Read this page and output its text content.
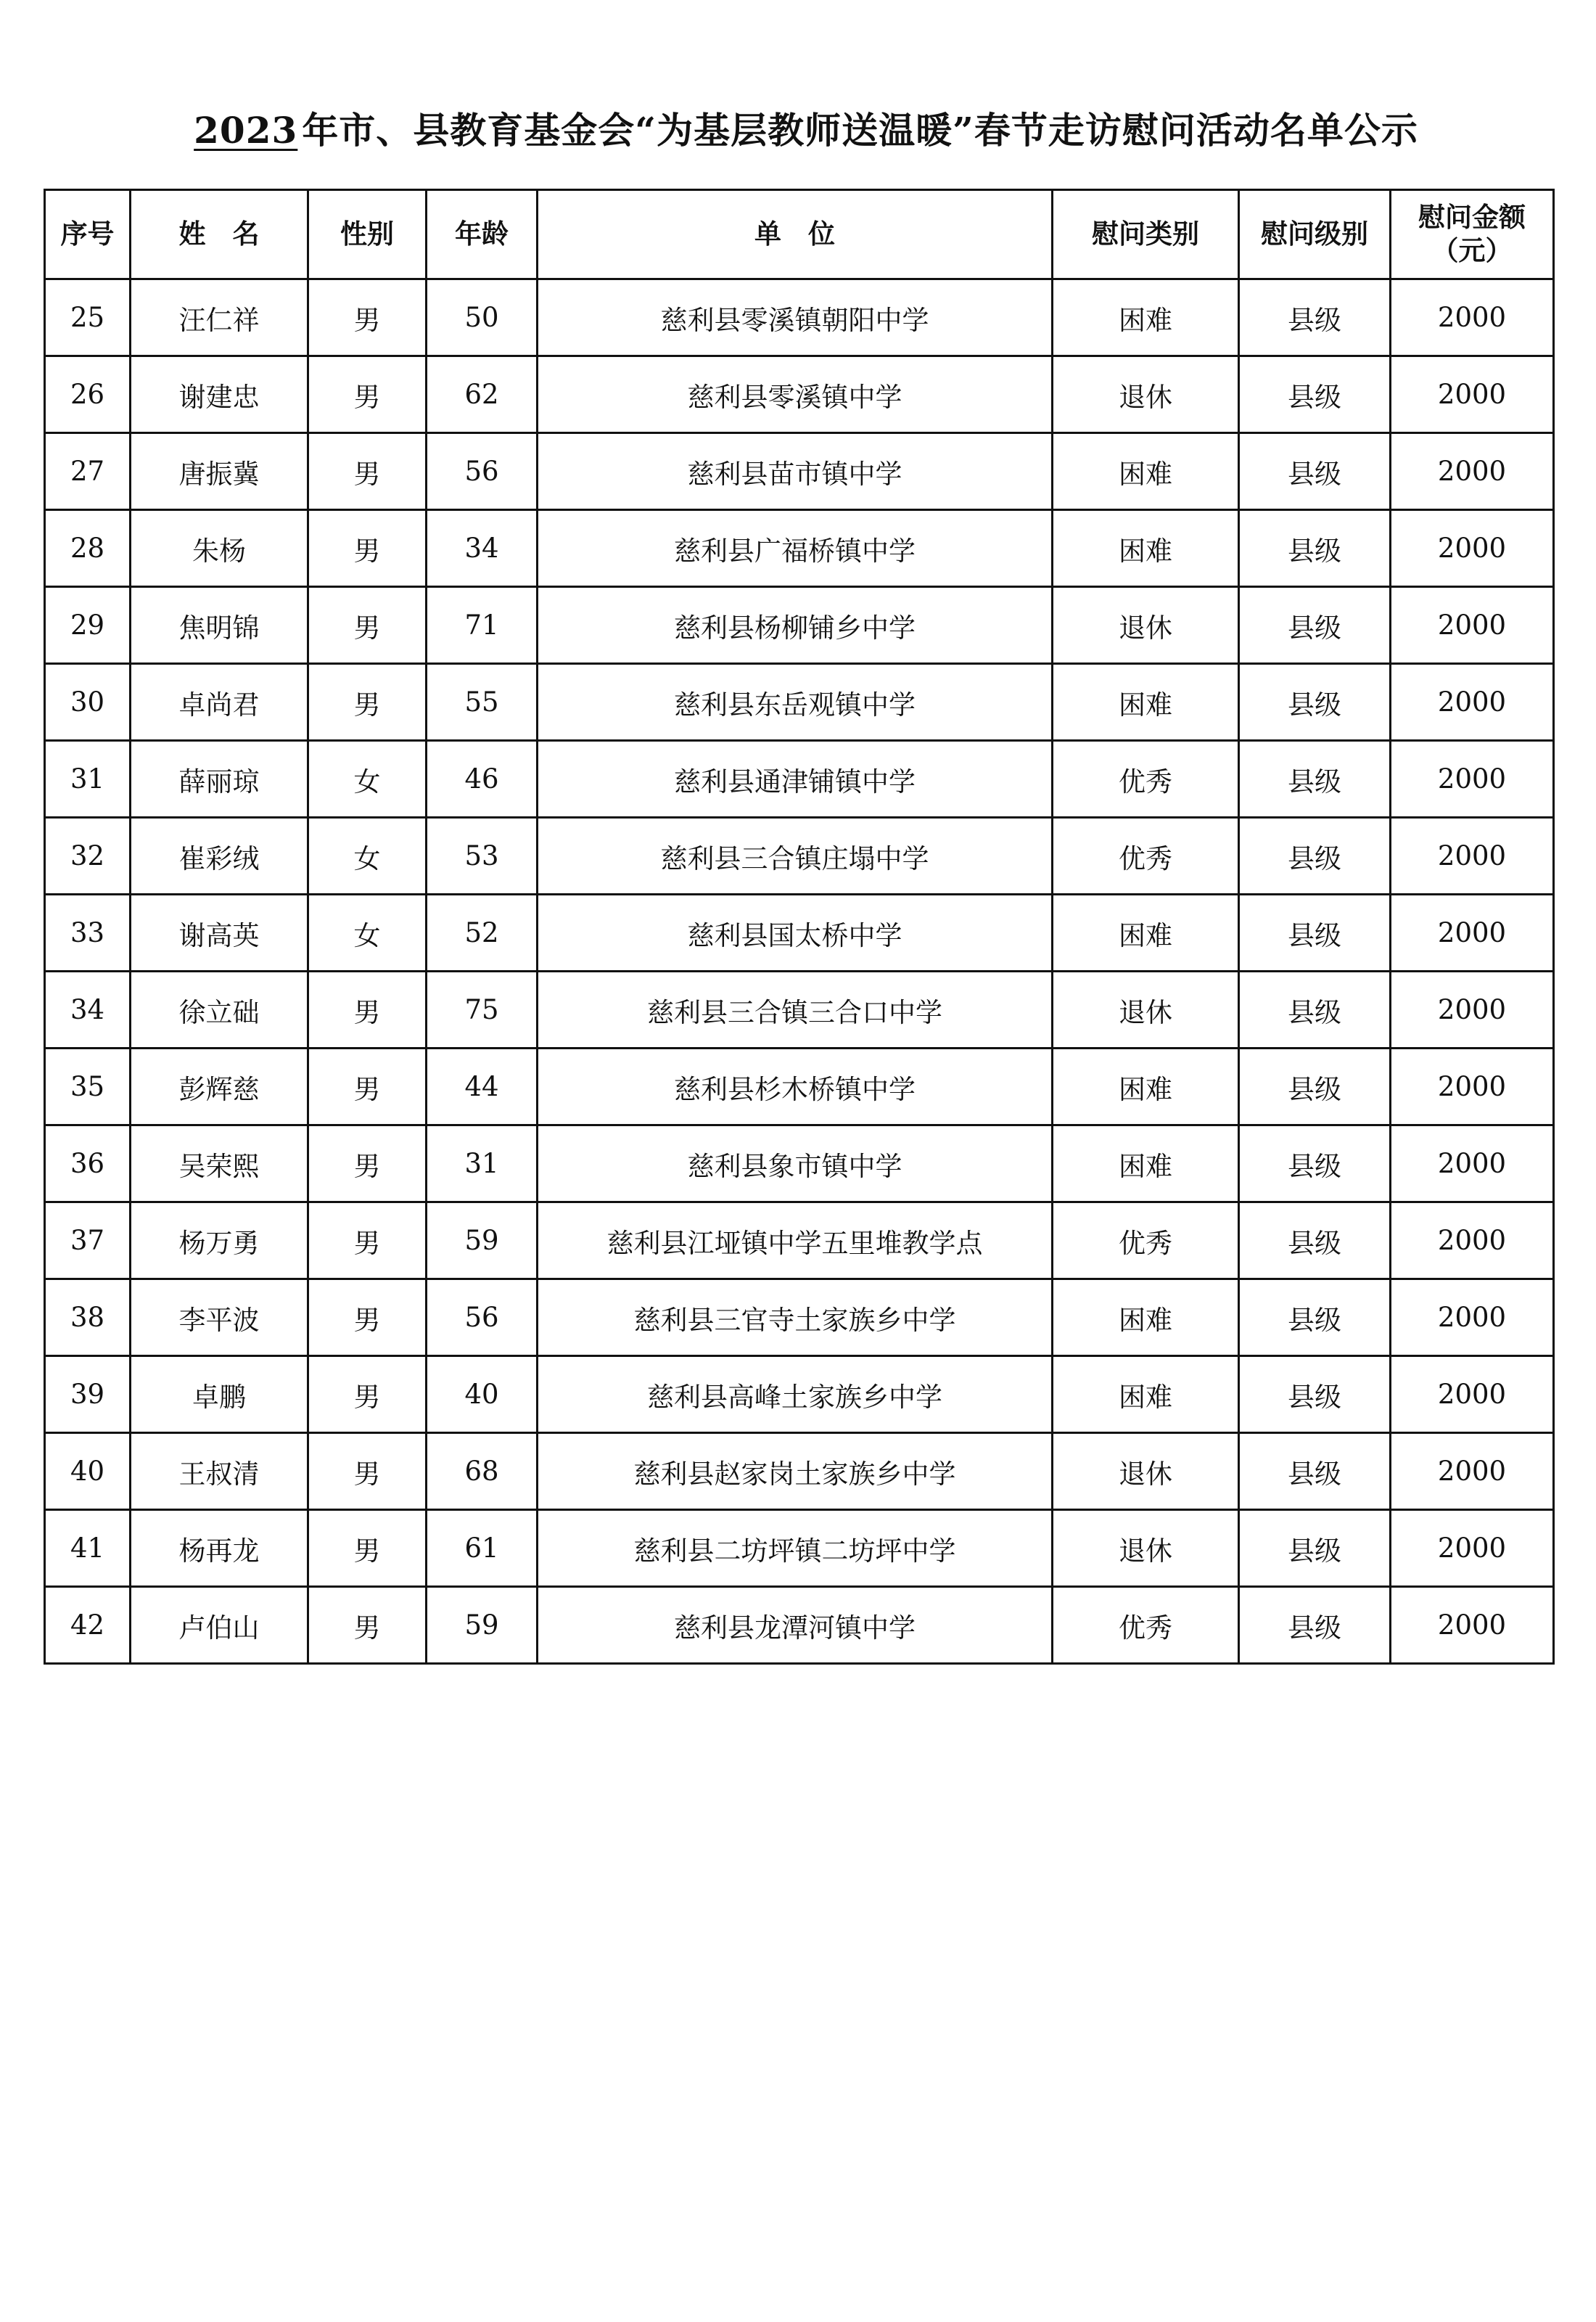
2023 年市、县教育基金会“为基层教师送温暖”春节走访慰问活动名单公示
序号	姓　名	性别	年龄	单　位	慰问类别	慰问级别	慰问金额
（元）

25	汪仁祥	男	50	慈利县零溪镇朝阳中学	困难	县级	2000
26	谢建忠	男	62	慈利县零溪镇中学	退休	县级	2000
27	唐振冀	男	56	慈利县苗市镇中学	困难	县级	2000
28	朱杨	男	34	慈利县广福桥镇中学	困难	县级	2000
29	焦明锦	男	71	慈利县杨柳铺乡中学	退休	县级	2000
30	卓尚君	男	55	慈利县东岳观镇中学	困难	县级	2000
31	薛丽琼	女	46	慈利县通津铺镇中学	优秀	县级	2000
32	崔彩绒	女	53	慈利县三合镇庄塌中学	优秀	县级	2000
33	谢高英	女	52	慈利县国太桥中学	困难	县级	2000
34	徐立础	男	75	慈利县三合镇三合口中学	退休	县级	2000
35	彭辉慈	男	44	慈利县杉木桥镇中学	困难	县级	2000
36	吴荣熙	男	31	慈利县象市镇中学	困难	县级	2000
37	杨万勇	男	59	慈利县江垭镇中学五里堆教学点	优秀	县级	2000
38	李平波	男	56	慈利县三官寺土家族乡中学	困难	县级	2000
39	卓鹏	男	40	慈利县高峰土家族乡中学	困难	县级	2000
40	王叔清	男	68	慈利县赵家岗土家族乡中学	退休	县级	2000
41	杨再龙	男	61	慈利县二坊坪镇二坊坪中学	退休	县级	2000
42	卢伯山	男	59	慈利县龙潭河镇中学	优秀	县级	2000
